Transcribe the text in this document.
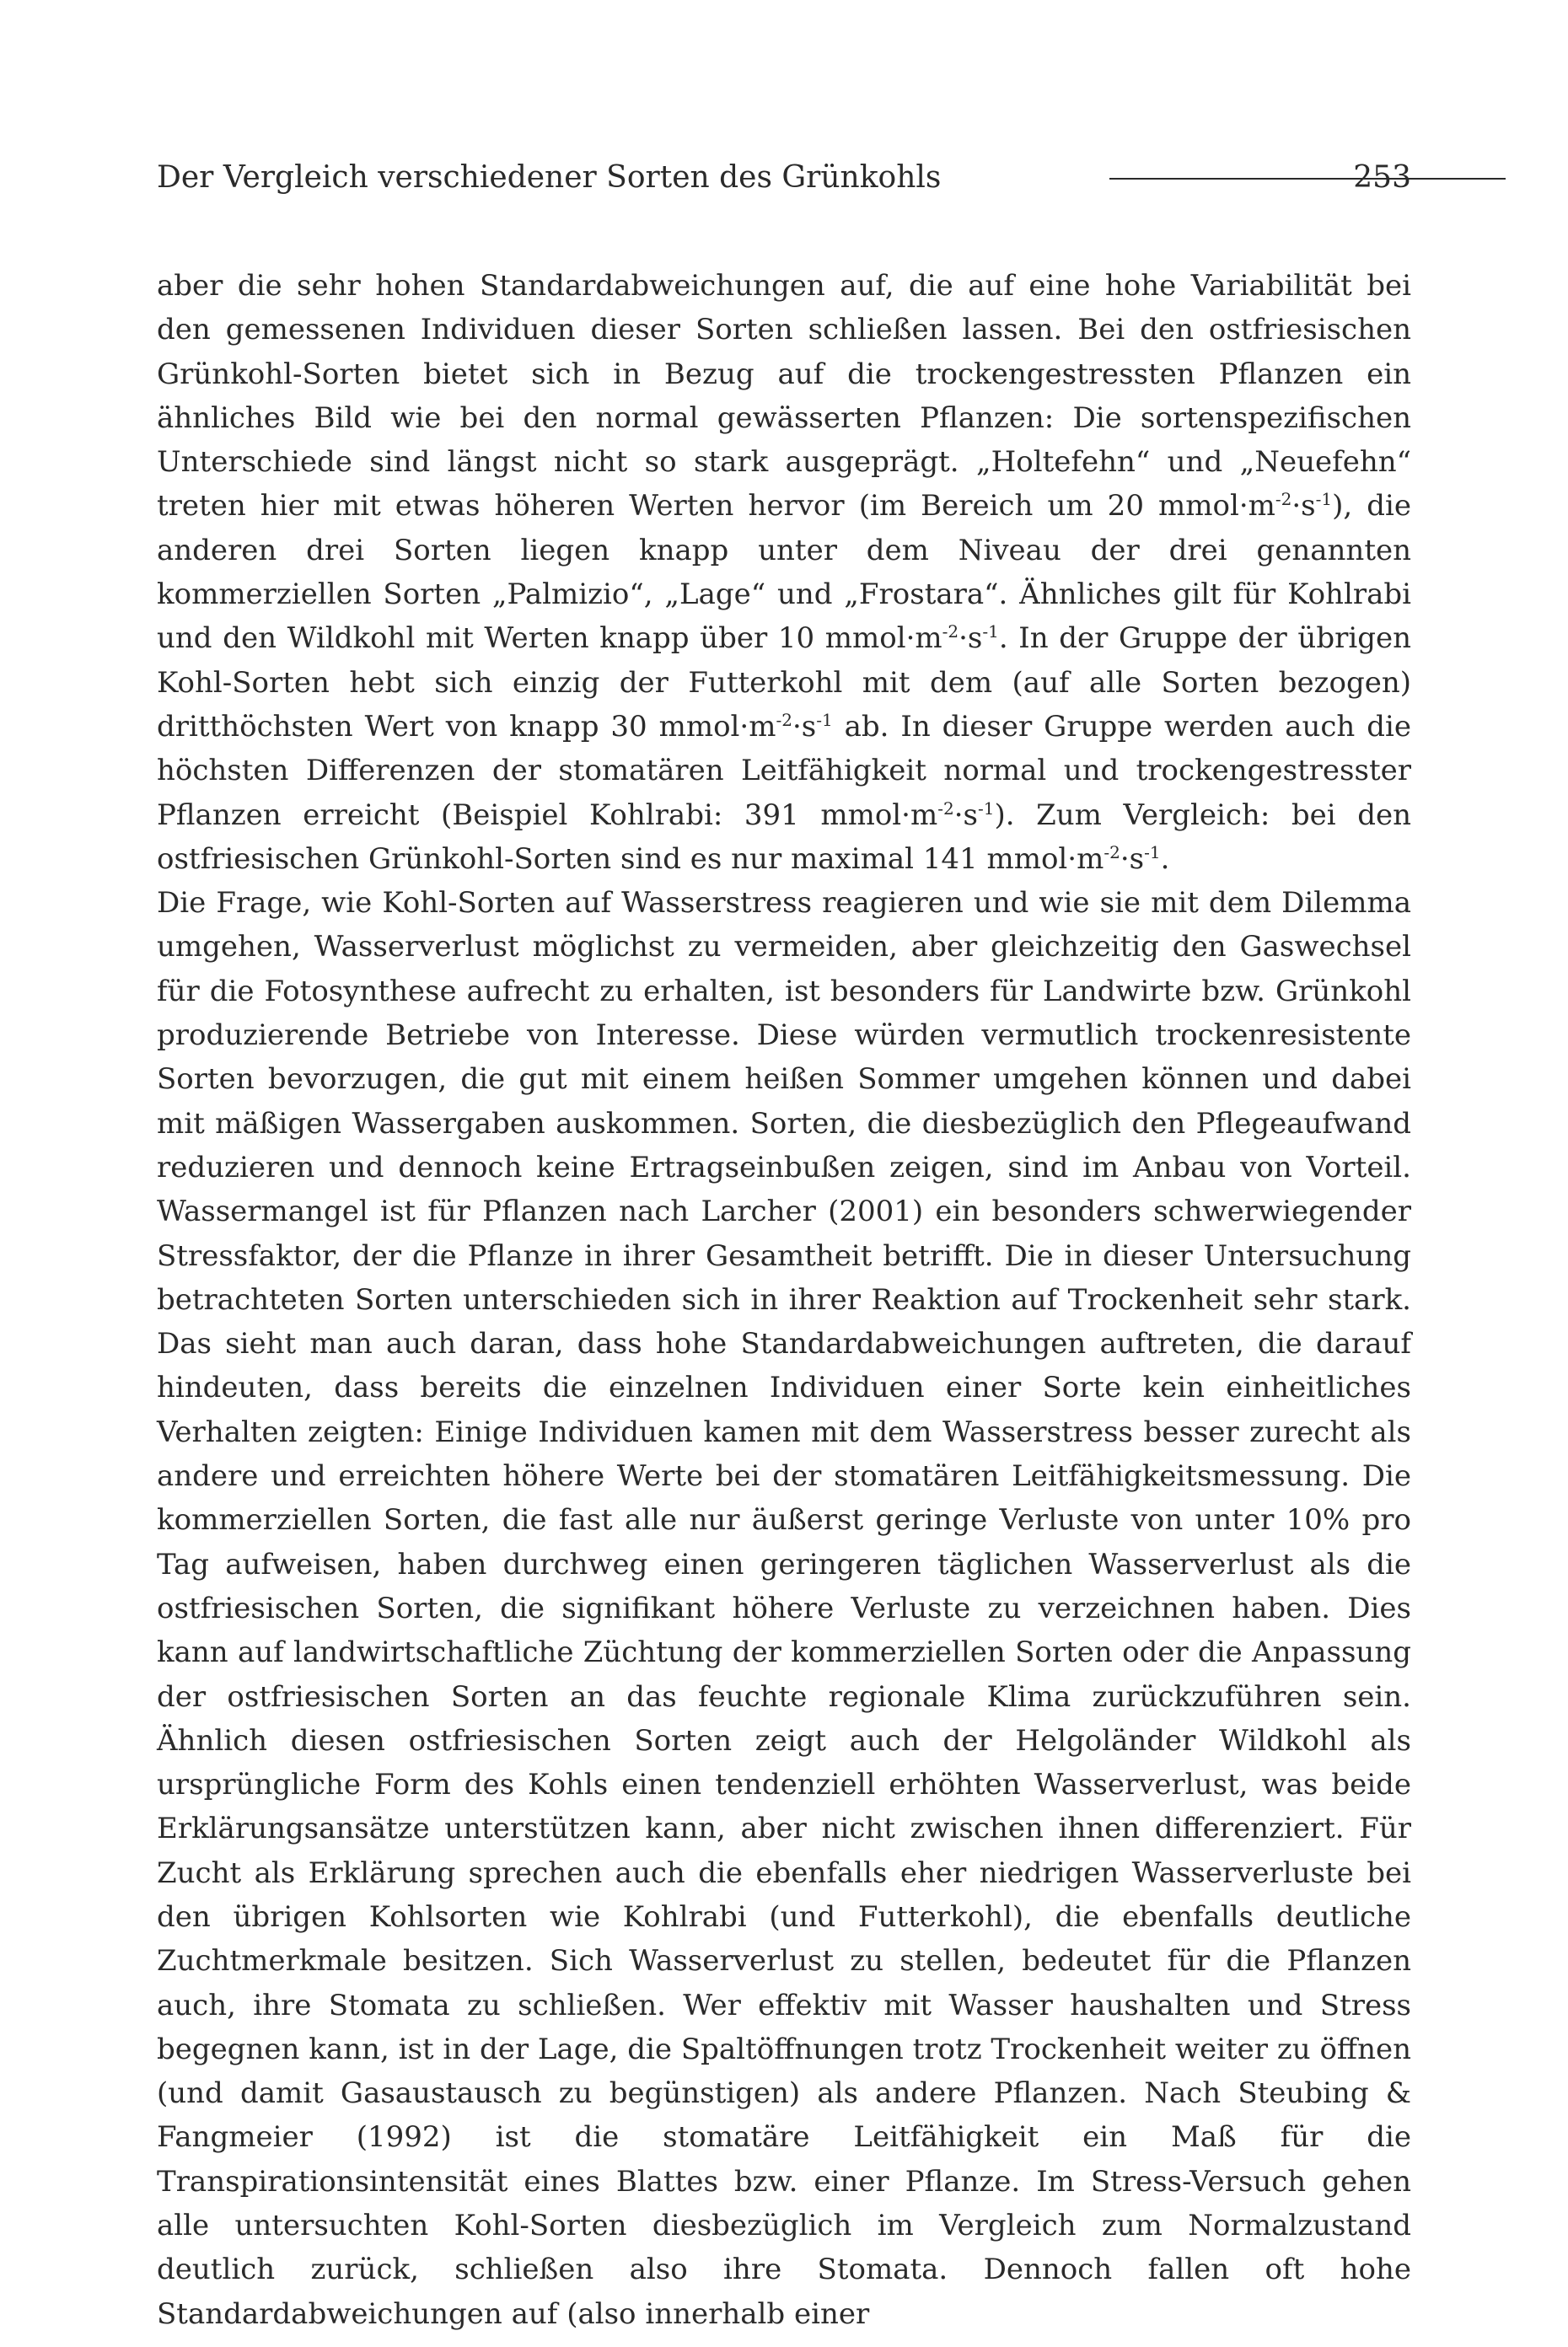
Der Vergleich verschiedener Sorten des Grünkohls	253

aber die sehr hohen Standardabweichungen auf, die auf eine hohe Variabilität bei den gemessenen Individuen dieser Sorten schließen lassen. Bei den ostfriesischen Grünkohl-Sorten bietet sich in Bezug auf die trockengestressten Pflanzen ein ähnliches Bild wie bei den normal gewässerten Pflanzen: Die sortenspezifischen Unterschiede sind längst nicht so stark ausgeprägt. „Holtefehn“ und „Neuefehn“ treten hier mit etwas höheren Werten hervor (im Bereich um 20 $mmol\cdot m^{-2}\cdot s^{-1}$), die anderen drei Sorten liegen knapp unter dem Niveau der drei genannten kommerziellen Sorten „Palmizio“, „Lage“ und „Frostara“. Ähnliches gilt für Kohlrabi und den Wildkohl mit Werten knapp über 10 $mmol\cdot m^{-2}\cdot s^{-1}$. In der Gruppe der übrigen Kohl-Sorten hebt sich einzig der Futterkohl mit dem (auf alle Sorten bezogen) dritthöchsten Wert von knapp 30 $mmol\cdot m^{-2}\cdot s^{-1}$ ab. In dieser Gruppe werden auch die höchsten Differenzen der stomatären Leitfähigkeit normal und trockengestresster Pflanzen erreicht (Beispiel Kohlrabi: 391 $mmol\cdot m^{-2}\cdot s^{-1}$). Zum Vergleich: bei den ostfriesischen Grünkohl-Sorten sind es nur maximal 141 $mmol\cdot m^{-2}\cdot s^{-1}$.

Die Frage, wie Kohl-Sorten auf Wasserstress reagieren und wie sie mit dem Dilemma umgehen, Wasserverlust möglichst zu vermeiden, aber gleichzeitig den Gaswechsel für die Fotosynthese aufrecht zu erhalten, ist besonders für Landwirte bzw. Grünkohl produzierende Betriebe von Interesse. Diese würden vermutlich trockenresistente Sorten bevorzugen, die gut mit einem heißen Sommer umgehen können und dabei mit mäßigen Wassergaben auskommen. Sorten, die diesbezüglich den Pflegeaufwand reduzieren und dennoch keine Ertragseinbußen zeigen, sind im Anbau von Vorteil. Wassermangel ist für Pflanzen nach Larcher (2001) ein besonders schwerwiegender Stressfaktor, der die Pflanze in ihrer Gesamtheit betrifft. Die in dieser Untersuchung betrachteten Sorten unterschieden sich in ihrer Reaktion auf Trockenheit sehr stark. Das sieht man auch daran, dass hohe Standardabweichungen auftreten, die darauf hindeuten, dass bereits die einzelnen Individuen einer Sorte kein einheitliches Verhalten zeigten: Einige Individuen kamen mit dem Wasserstress besser zurecht als andere und erreichten höhere Werte bei der stomatären Leitfähigkeitsmessung. Die kommerziellen Sorten, die fast alle nur äußerst geringe Verluste von unter 10% pro Tag aufweisen, haben durchweg einen geringeren täglichen Wasserverlust als die ostfriesischen Sorten, die signifikant höhere Verluste zu verzeichnen haben. Dies kann auf landwirtschaftliche Züchtung der kommerziellen Sorten oder die Anpassung der ostfriesischen Sorten an das feuchte regionale Klima zurückzuführen sein. Ähnlich diesen ostfriesischen Sorten zeigt auch der Helgoländer Wildkohl als ursprüngliche Form des Kohls einen tendenziell erhöhten Wasserverlust, was beide Erklärungsansätze unterstützen kann, aber nicht zwischen ihnen differenziert. Für Zucht als Erklärung sprechen auch die ebenfalls eher niedrigen Wasserverluste bei den übrigen Kohlsorten wie Kohlrabi (und Futterkohl), die ebenfalls deutliche Zuchtmerkmale besitzen. Sich Wasserverlust zu stellen, bedeutet für die Pflanzen auch, ihre Stomata zu schließen. Wer effektiv mit Wasser haushalten und Stress begegnen kann, ist in der Lage, die Spaltöffnungen trotz Trockenheit weiter zu öffnen (und damit Gasaustausch zu begünstigen) als andere Pflanzen. Nach Steubing & Fangmeier (1992) ist die stomatäre Leitfähigkeit ein Maß für die Transpirationsintensität eines Blattes bzw. einer Pflanze. Im Stress-Versuch gehen alle untersuchten Kohl-Sorten diesbezüglich im Vergleich zum Normalzustand deutlich zurück, schließen also ihre Stomata. Dennoch fallen oft hohe Standardabweichungen auf (also innerhalb einer
